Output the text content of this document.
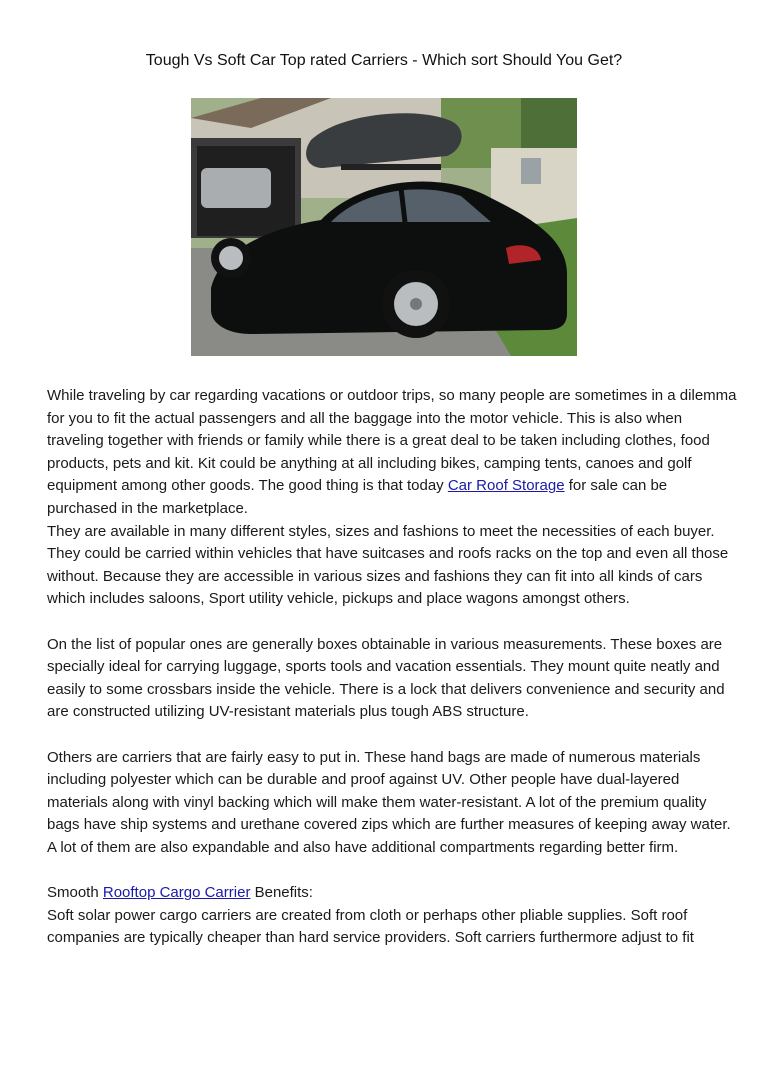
Tough Vs Soft Car Top rated Carriers - Which sort Should You Get?

While traveling by car regarding vacations or outdoor trips, so many people are sometimes in a dilemma for you to fit the actual passengers and all the baggage into the motor vehicle. This is also when traveling together with friends or family while there is a great deal to be taken including clothes, food products, pets and kit. Kit could be anything at all including bikes, camping tents, canoes and golf equipment among other goods. The good thing is that today Car Roof Storage for sale can be purchased in the marketplace.

They are available in many different styles, sizes and fashions to meet the necessities of each buyer. They could be carried within vehicles that have suitcases and roofs racks on the top and even all those without. Because they are accessible in various sizes and fashions they can fit into all kinds of cars which includes saloons, Sport utility vehicle, pickups and place wagons amongst others.

On the list of popular ones are generally boxes obtainable in various measurements. These boxes are specially ideal for carrying luggage, sports tools and vacation essentials. They mount quite neatly and easily to some crossbars inside the vehicle. There is a lock that delivers convenience and security and are constructed utilizing UV-resistant materials plus tough ABS structure.

Others are carriers that are fairly easy to put in. These hand bags are made of numerous materials including polyester which can be durable and proof against UV. Other people have dual-layered materials along with vinyl backing which will make them water-resistant. A lot of the premium quality bags have ship systems and urethane covered zips which are further measures of keeping away water. A lot of them are also expandable and also have additional compartments regarding better firm.

Smooth Rooftop Cargo Carrier Benefits:

Soft solar power cargo carriers are created from cloth or perhaps other pliable supplies. Soft roof companies are typically cheaper than hard service providers. Soft carriers furthermore adjust to fit
